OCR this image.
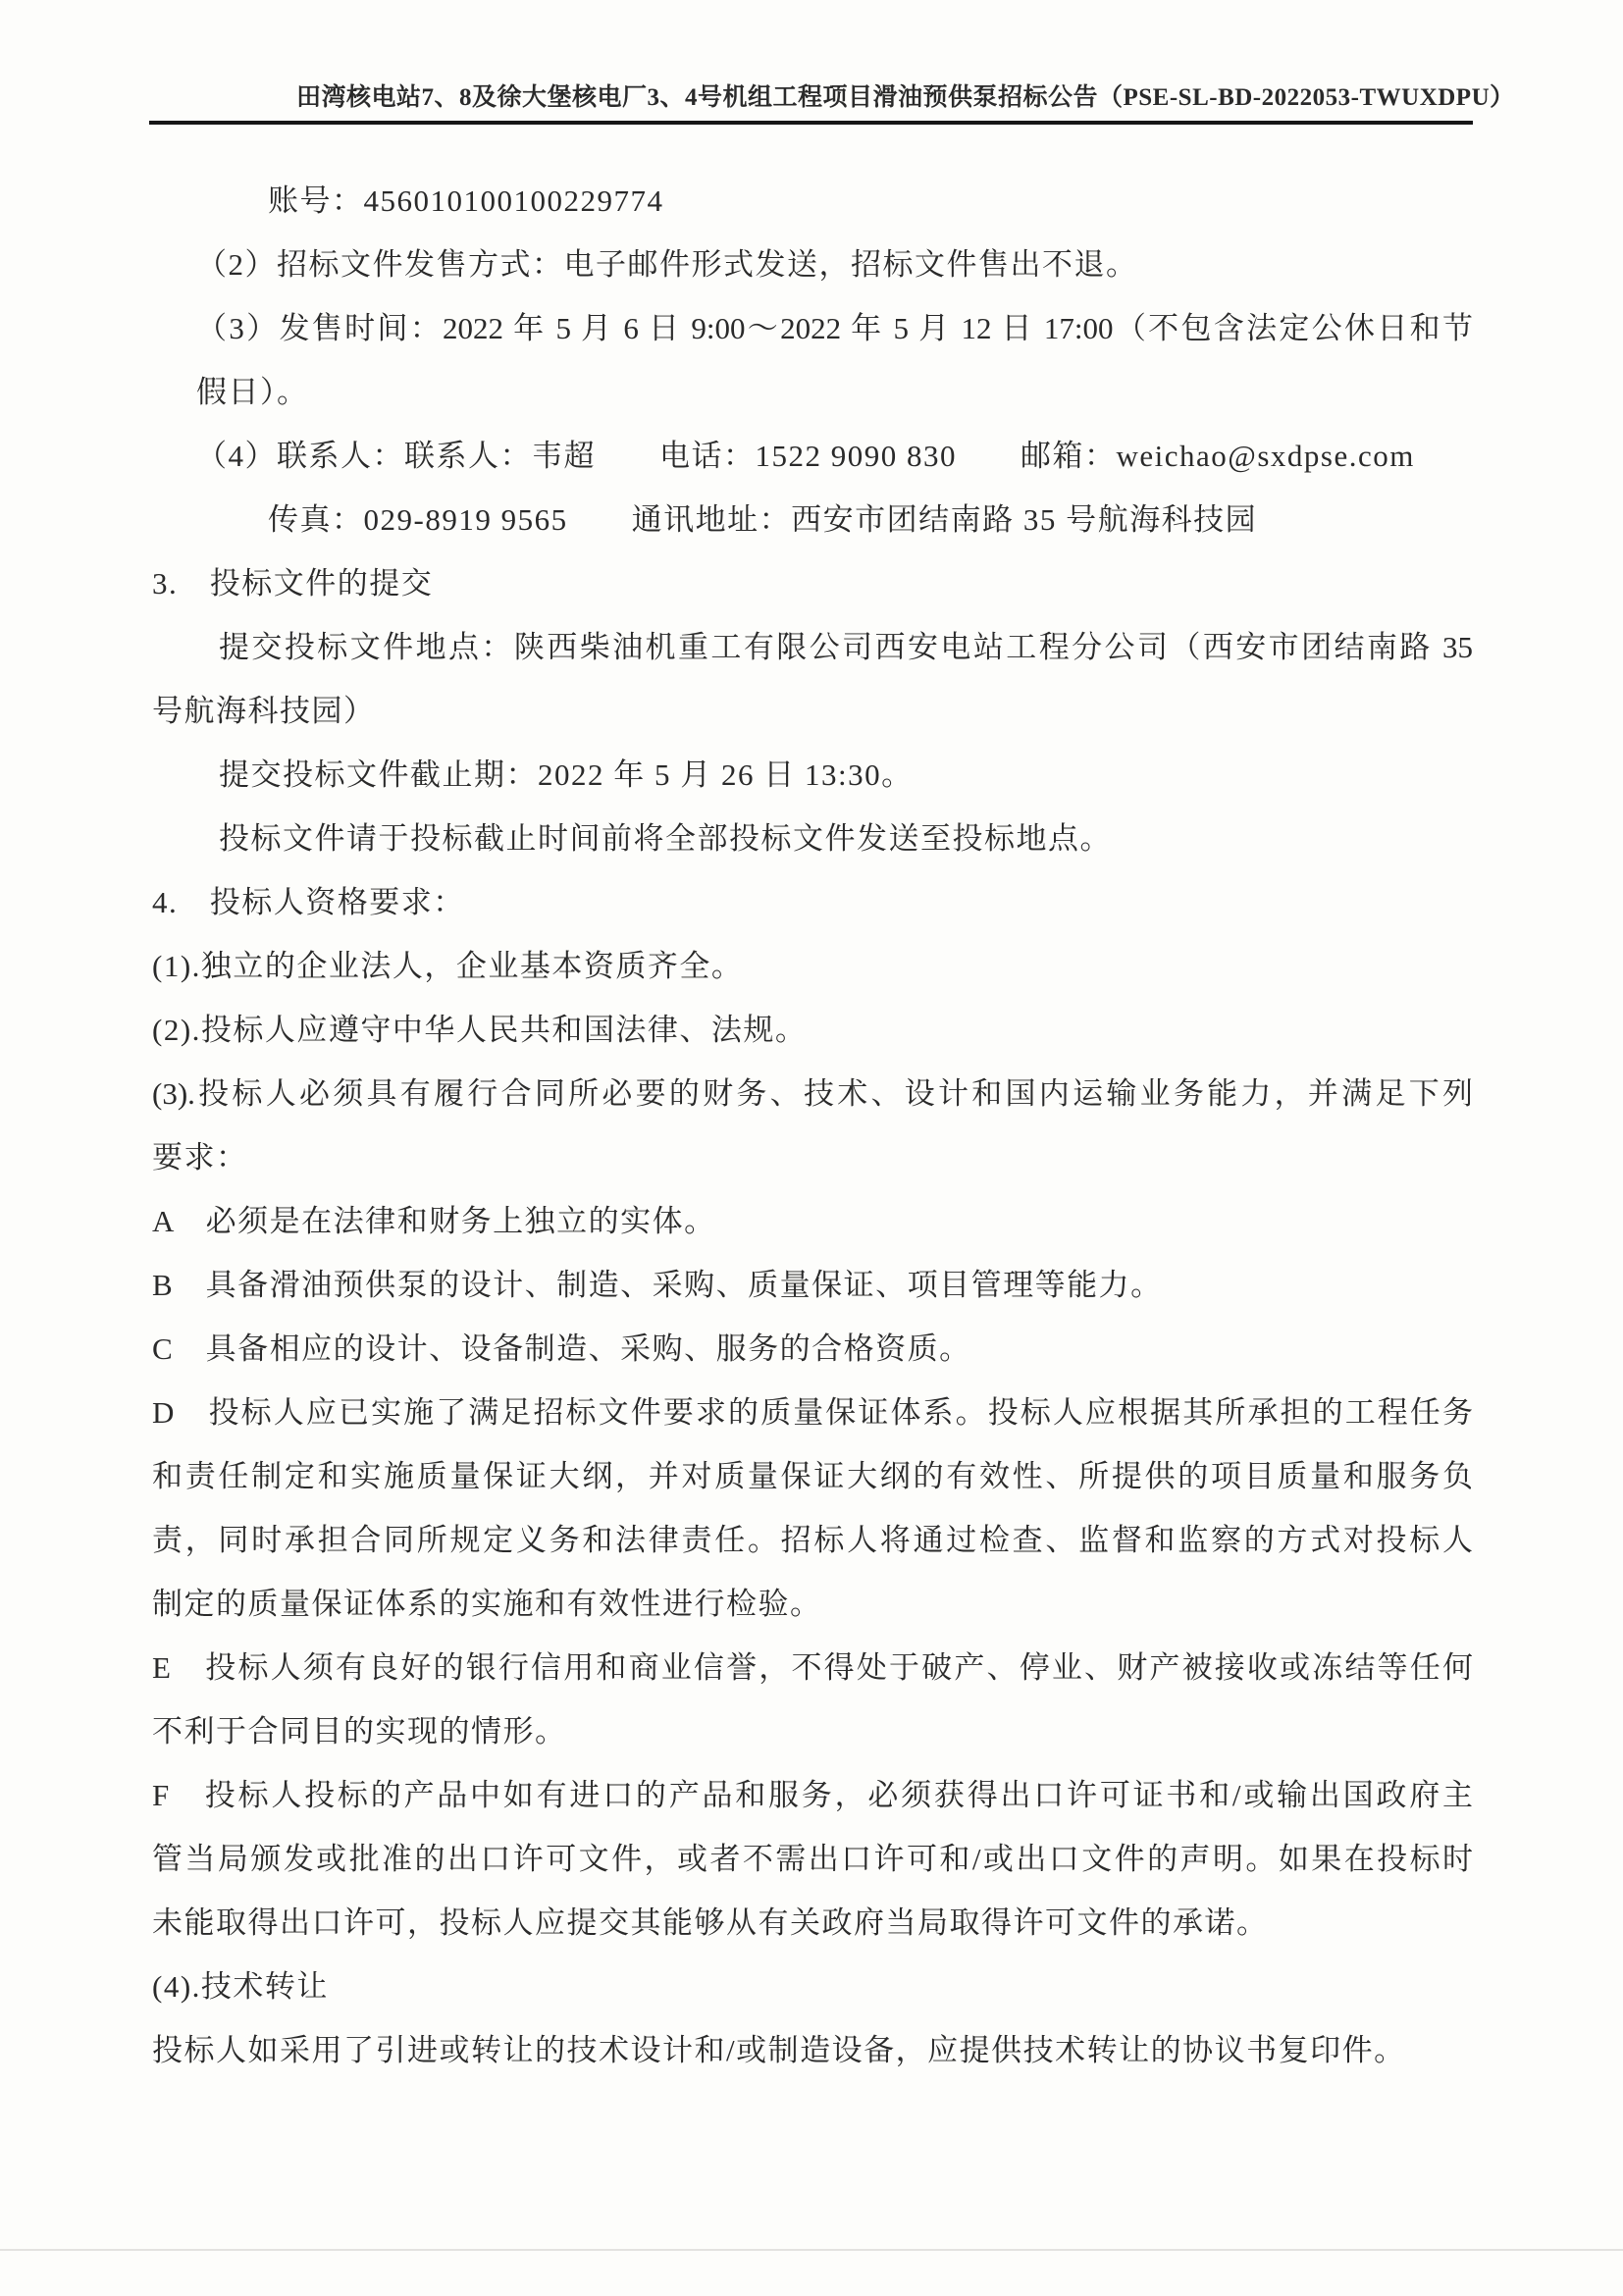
田湾核电站7、8及徐大堡核电厂3、4号机组工程项目滑油预供泵招标公告（PSE-SL-BD-2022053-TWUXDPU）
账号：456010100100229774
（2）招标文件发售方式：电子邮件形式发送，招标文件售出不退。
（3）发售时间：2022 年 5 月 6 日 9:00～2022 年 5 月 12 日 17:00（不包含法定公休日和节
假日）。
（4）联系人：联系人：韦超　　电话：1522 9090 830　　邮箱：weichao@sxdpse.com
传真：029-8919 9565　　通讯地址：西安市团结南路 35 号航海科技园
3.　投标文件的提交
提交投标文件地点：陕西柴油机重工有限公司西安电站工程分公司（西安市团结南路 35
号航海科技园）
提交投标文件截止期：2022 年 5 月 26 日 13:30。
投标文件请于投标截止时间前将全部投标文件发送至投标地点。
4.　投标人资格要求：
(1).独立的企业法人，企业基本资质齐全。
(2).投标人应遵守中华人民共和国法律、法规。
(3).投标人必须具有履行合同所必要的财务、技术、设计和国内运输业务能力，并满足下列
要求：
A　必须是在法律和财务上独立的实体。
B　具备滑油预供泵的设计、制造、采购、质量保证、项目管理等能力。
C　具备相应的设计、设备制造、采购、服务的合格资质。
D　投标人应已实施了满足招标文件要求的质量保证体系。投标人应根据其所承担的工程任务
和责任制定和实施质量保证大纲，并对质量保证大纲的有效性、所提供的项目质量和服务负
责，同时承担合同所规定义务和法律责任。招标人将通过检查、监督和监察的方式对投标人
制定的质量保证体系的实施和有效性进行检验。
E　投标人须有良好的银行信用和商业信誉，不得处于破产、停业、财产被接收或冻结等任何
不利于合同目的实现的情形。
F　投标人投标的产品中如有进口的产品和服务，必须获得出口许可证书和/或输出国政府主
管当局颁发或批准的出口许可文件，或者不需出口许可和/或出口文件的声明。如果在投标时
未能取得出口许可，投标人应提交其能够从有关政府当局取得许可文件的承诺。
(4).技术转让
投标人如采用了引进或转让的技术设计和/或制造设备，应提供技术转让的协议书复印件。
